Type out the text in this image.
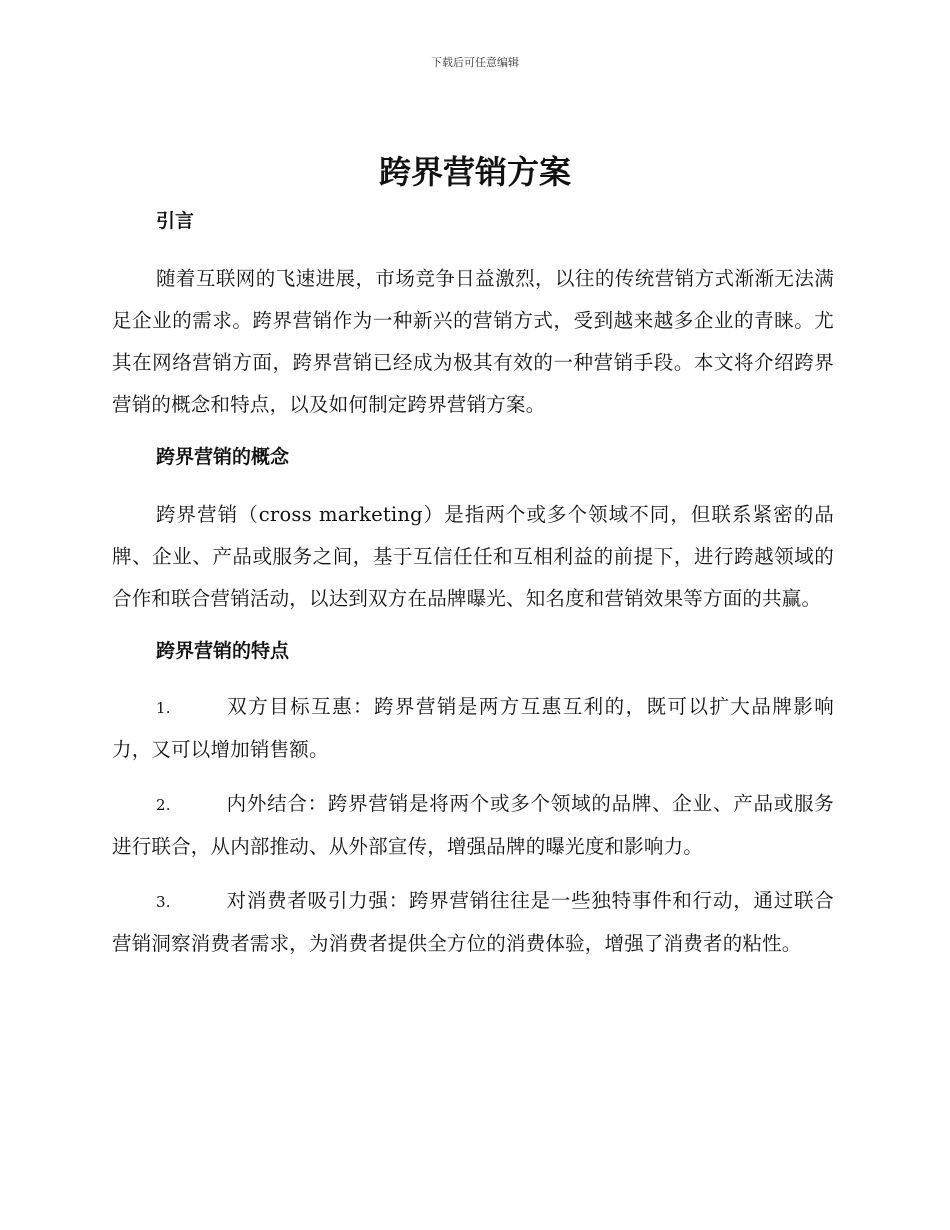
下载后可任意编辑
跨界营销方案
引言

随着互联网的飞速进展，市场竞争日益激烈，以往的传统营销方式渐渐无法满足企业的需求。跨界营销作为一种新兴的营销方式，受到越来越多企业的青睐。尤其在网络营销方面，跨界营销已经成为极其有效的一种营销手段。本文将介绍跨界营销的概念和特点，以及如何制定跨界营销方案。

跨界营销的概念

跨界营销（cross marketing）是指两个或多个领域不同，但联系紧密的品牌、企业、产品或服务之间，基于互信任任和互相利益的前提下，进行跨越领域的合作和联合营销活动，以达到双方在品牌曝光、知名度和营销效果等方面的共赢。

跨界营销的特点

1.	双方目标互惠：跨界营销是两方互惠互利的，既可以扩大品牌影响力，又可以增加销售额。

2.	内外结合：跨界营销是将两个或多个领域的品牌、企业、产品或服务进行联合，从内部推动、从外部宣传，增强品牌的曝光度和影响力。

3.	对消费者吸引力强：跨界营销往往是一些独特事件和行动，通过联合营销洞察消费者需求，为消费者提供全方位的消费体验，增强了消费者的粘性。
